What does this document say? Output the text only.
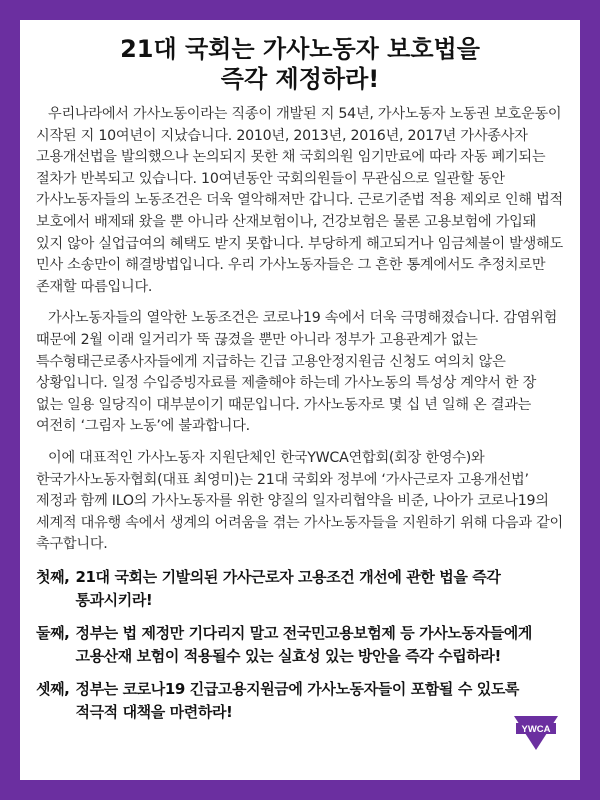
21대 국회는 가사노동자 보호법을
즉각 제정하라!

우리나라에서 가사노동이라는 직종이 개발된 지 54년, 가사노동자 노동권 보호운동이 시작된 지 10여년이 지났습니다. 2010년, 2013년, 2016년, 2017년 가사종사자 고용개선법을 발의했으나 논의되지 못한 채 국회의원 임기만료에 따라 자동 폐기되는 절차가 반복되고 있습니다. 10여년동안 국회의원들이 무관심으로 일관할 동안 가사노동자들의 노동조건은 더욱 열악해져만 갑니다. 근로기준법 적용 제외로 인해 법적 보호에서 배제돼 왔을 뿐 아니라 산재보험이나, 건강보험은 물론 고용보험에 가입돼 있지 않아 실업급여의 혜택도 받지 못합니다. 부당하게 해고되거나 임금체불이 발생해도 민사 소송만이 해결방법입니다. 우리 가사노동자들은 그 흔한 통계에서도 추정치로만 존재할 따름입니다.

가사노동자들의 열악한 노동조건은 코로나19 속에서 더욱 극명해졌습니다. 감염위험 때문에 2월 이래 일거리가 뚝 끊겼을 뿐만 아니라 정부가 고용관계가 없는 특수형태근로종사자들에게 지급하는 긴급 고용안정지원금 신청도 여의치 않은 상황입니다. 일정 수입증빙자료를 제출해야 하는데 가사노동의 특성상 계약서 한 장 없는 일용 일당직이 대부분이기 때문입니다. 가사노동자로 몇 십 년 일해 온 결과는 여전히 ‘그림자 노동’에 불과합니다.

이에 대표적인 가사노동자 지원단체인 한국YWCA연합회(회장 한영수)와 한국가사노동자협회(대표 최영미)는 21대 국회와 정부에 ‘가사근로자 고용개선법’ 제정과 함께 ILO의 가사노동자를 위한 양질의 일자리협약을 비준, 나아가 코로나19의 세계적 대유행 속에서 생계의 어려움을 겪는 가사노동자들을 지원하기 위해 다음과 같이 촉구합니다.

첫째, 21대 국회는 기발의된 가사근로자 고용조건 개선에 관한 법을 즉각 통과시키라!
둘째, 정부는 법 제정만 기다리지 말고 전국민고용보험제 등 가사노동자들에게 고용산재 보험이 적용될수 있는 실효성 있는 방안을 즉각 수립하라!
셋째, 정부는 코로나19 긴급고용지원금에 가사노동자들이 포함될 수 있도록 적극적 대책을 마련하라!
YWCA
